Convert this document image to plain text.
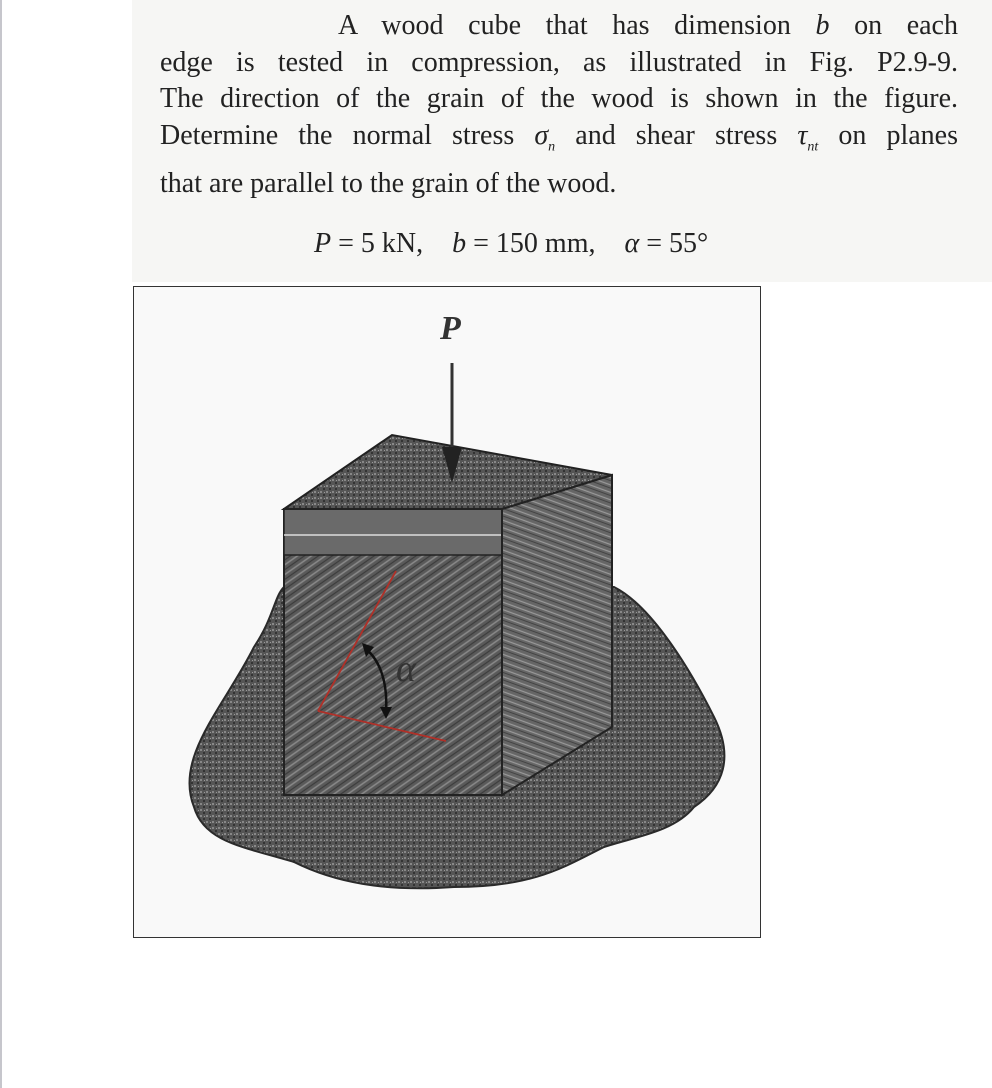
A wood cube that has dimension b on each
edge is tested in compression, as illustrated in Fig. P2.9-9.
The direction of the grain of the wood is shown in the figure.
Determine the normal stress $\sigma_n$ and shear stress $\tau_{nt}$ on planes
that are parallel to the grain of the wood.
P = 5 kN, b = 150 mm, α = 55°
P
α
